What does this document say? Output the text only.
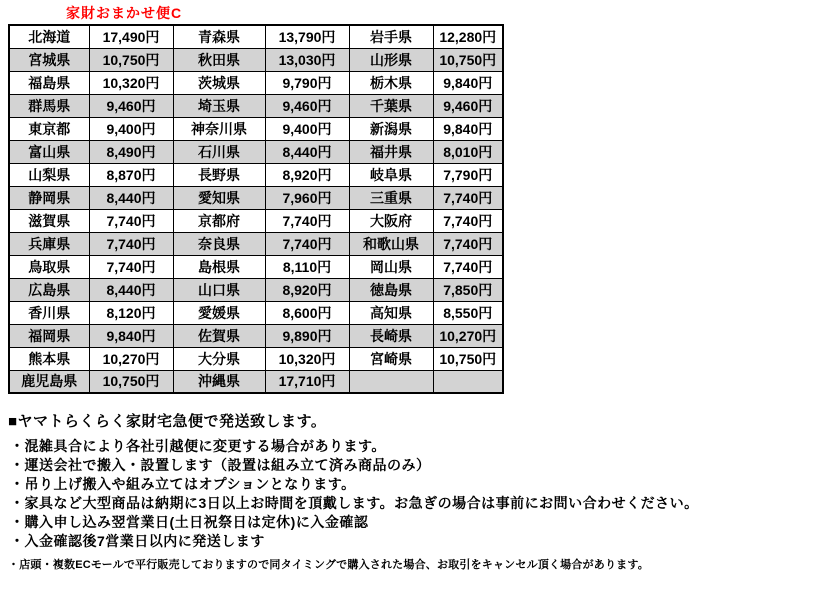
家財おまかせ便C
北海道	17,490円	青森県	13,790円	岩手県	12,280円
宮城県	10,750円	秋田県	13,030円	山形県	10,750円
福島県	10,320円	茨城県	9,790円	栃木県	9,840円
群馬県	9,460円	埼玉県	9,460円	千葉県	9,460円
東京都	9,400円	神奈川県	9,400円	新潟県	9,840円
富山県	8,490円	石川県	8,440円	福井県	8,010円
山梨県	8,870円	長野県	8,920円	岐阜県	7,790円
静岡県	8,440円	愛知県	7,960円	三重県	7,740円
滋賀県	7,740円	京都府	7,740円	大阪府	7,740円
兵庫県	7,740円	奈良県	7,740円	和歌山県	7,740円
鳥取県	7,740円	島根県	8,110円	岡山県	7,740円
広島県	8,440円	山口県	8,920円	徳島県	7,850円
香川県	8,120円	愛媛県	8,600円	高知県	8,550円
福岡県	9,840円	佐賀県	9,890円	長崎県	10,270円
熊本県	10,270円	大分県	10,320円	宮崎県	10,750円
鹿児島県	10,750円	沖縄県	17,710円		
■ヤマトらくらく家財宅急便で発送致します。
・混雑具合により各社引越便に変更する場合があります。
・運送会社で搬入・設置します（設置は組み立て済み商品のみ）
・吊り上げ搬入や組み立てはオプションとなります。
・家具など大型商品は納期に3日以上お時間を頂戴します。お急ぎの場合は事前にお問い合わせください。
・購入申し込み翌営業日(土日祝祭日は定休)に入金確認
・入金確認後7営業日以内に発送します
・店頭・複数ECモールで平行販売しておりますので同タイミングで購入された場合、お取引をキャンセル頂く場合があります。
